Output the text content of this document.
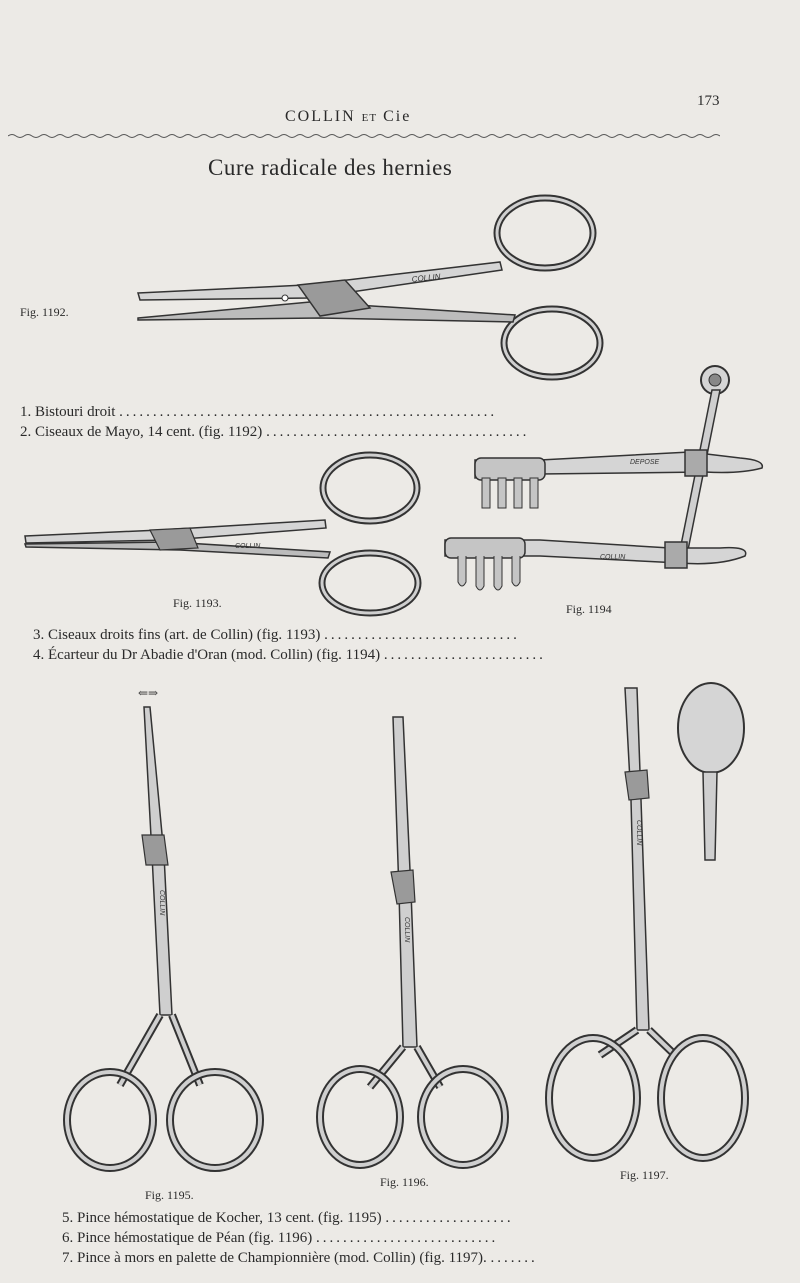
COLLIN ET Cie
173
Cure radicale des hernies
COLLIN
Fig. 1192.
1. Bistouri droit ........................................................
2. Ciseaux de Mayo, 14 cent. (fig. 1192) .......................................
COLLIN
Fig. 1193.
DEPOSE
COLLIN
Fig. 1194
3. Ciseaux droits fins (art. de Collin) (fig. 1193) .............................
4. Écarteur du Dr Abadie d'Oran (mod. Collin) (fig. 1194) ........................
⇐⇒
COLLIN
Fig. 1195.
COLLIN
Fig. 1196.
COLLIN
Fig. 1197.
5. Pince hémostatique de Kocher, 13 cent. (fig. 1195) ...................
6. Pince hémostatique de Péan (fig. 1196) ...........................
7. Pince à mors en palette de Championnière (mod. Collin) (fig. 1197). .......
